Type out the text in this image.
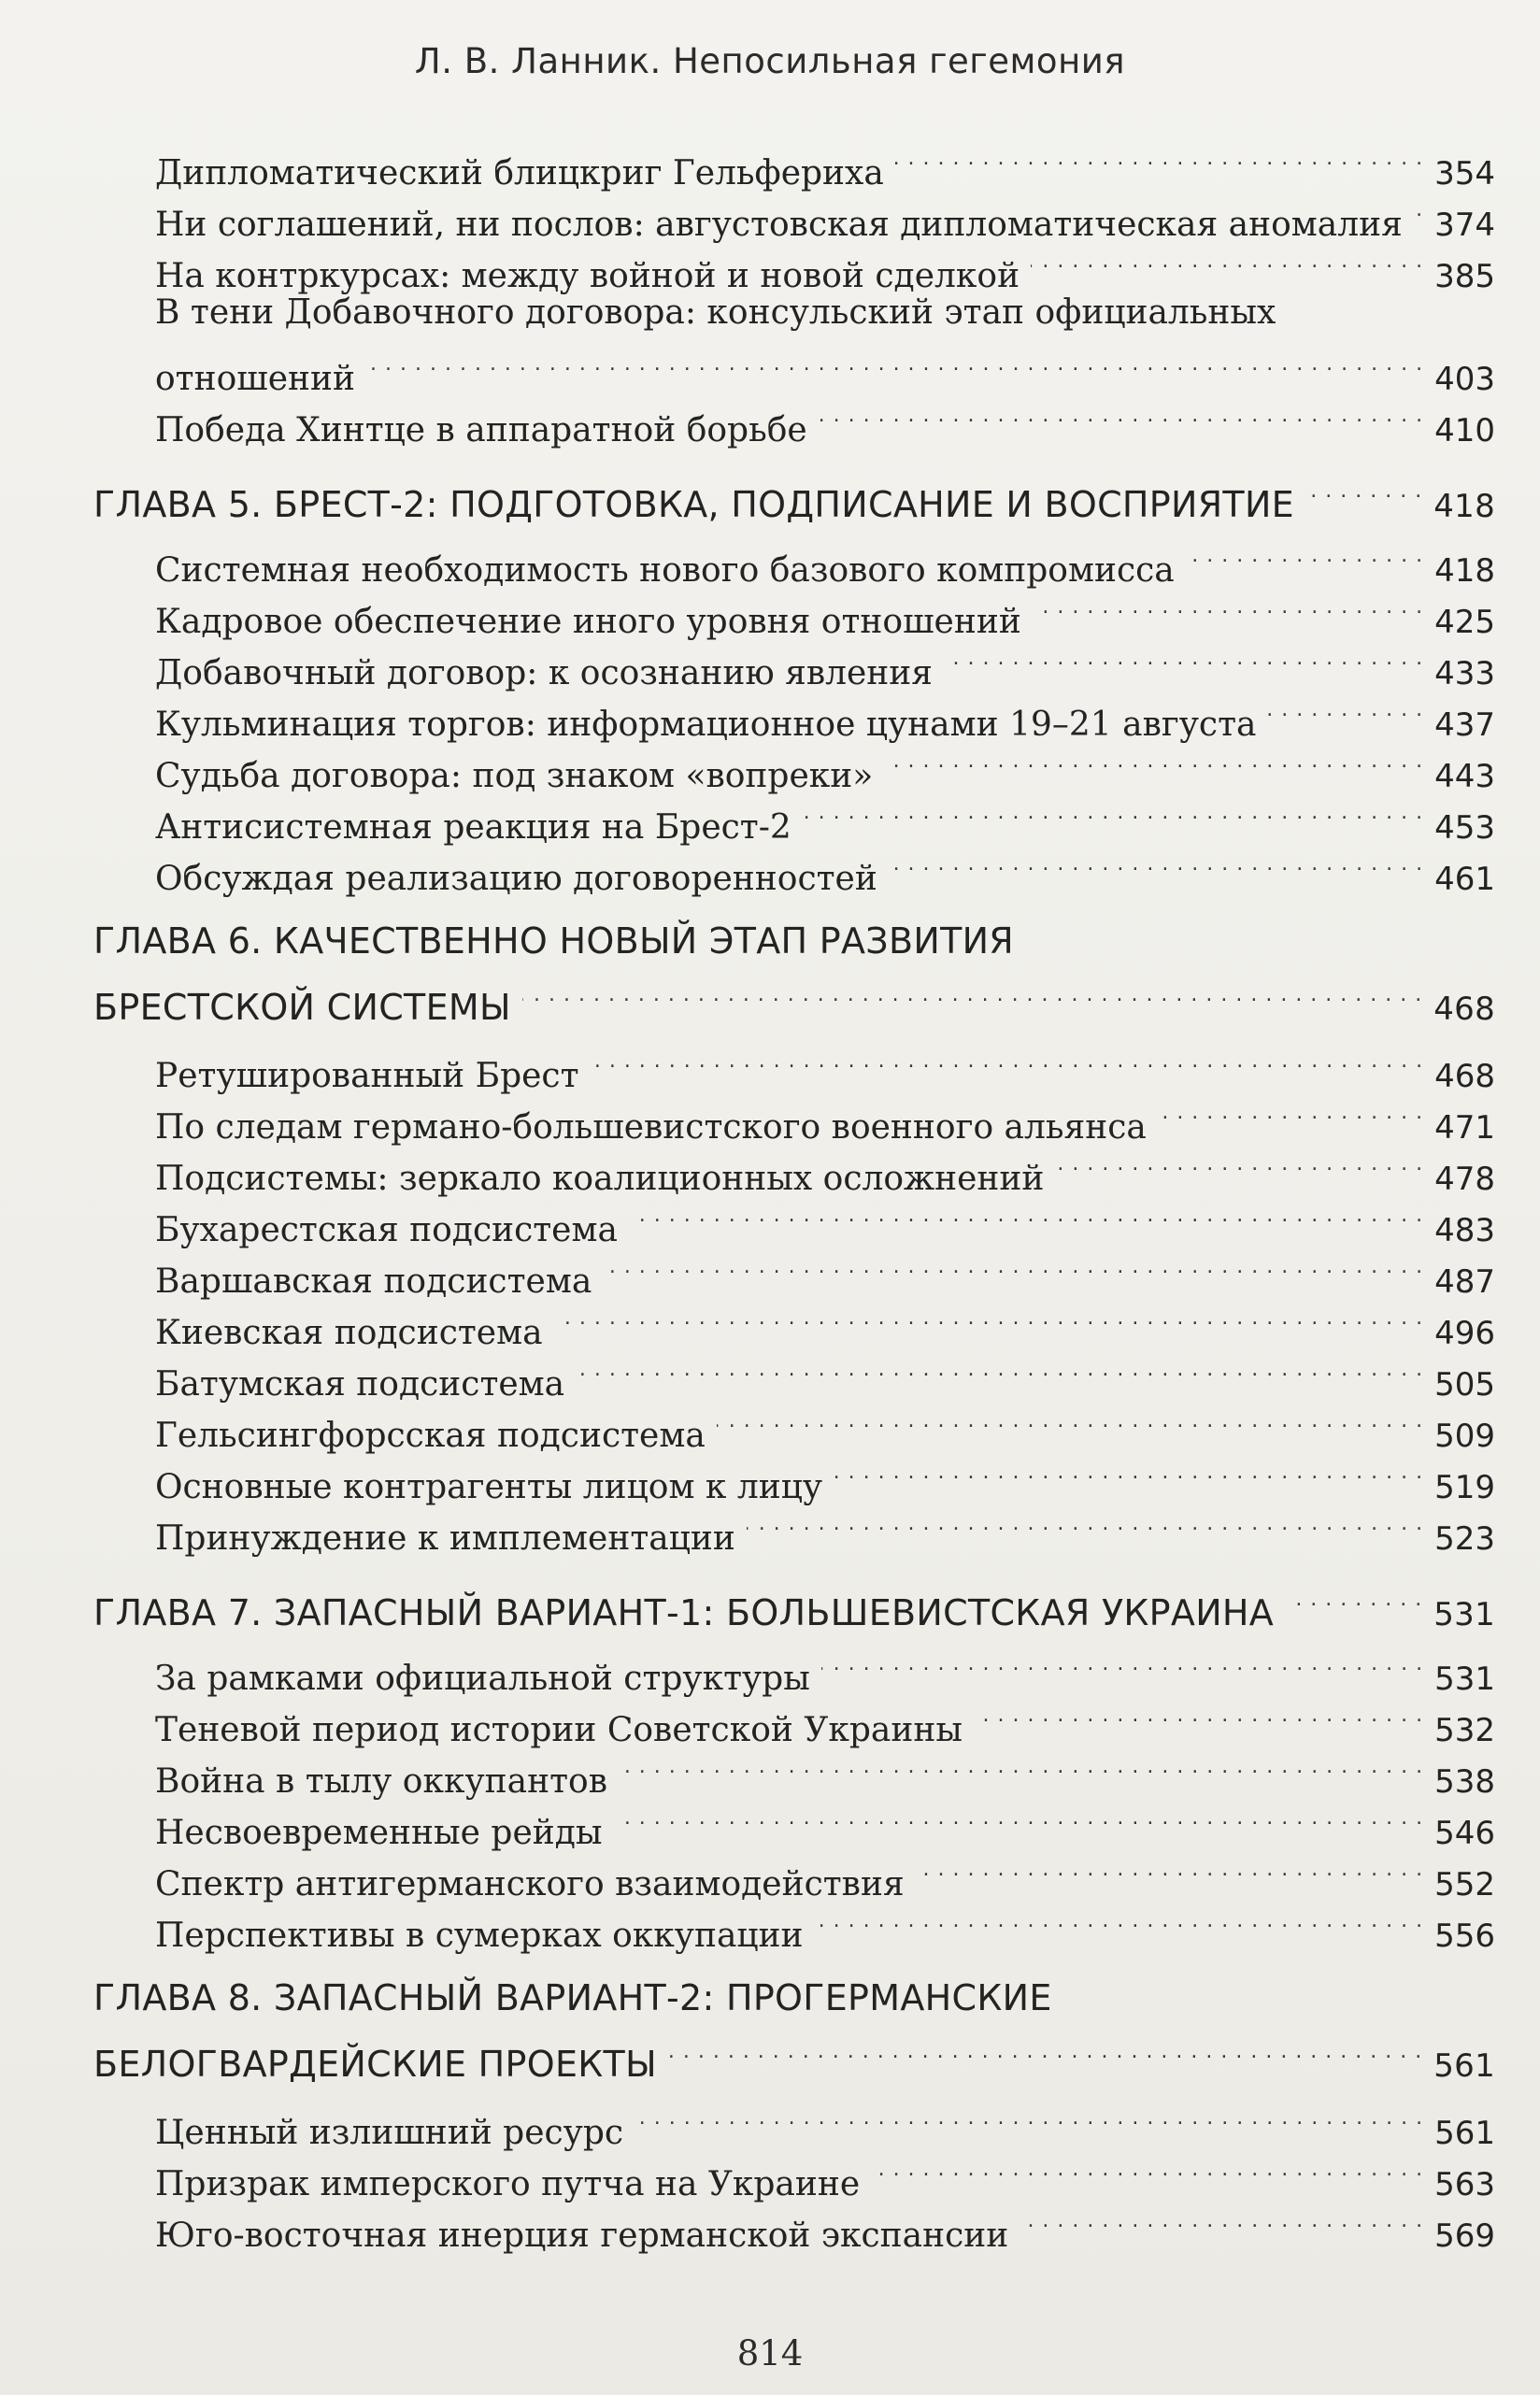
Л. В. Ланник. Непосильная гегемония
Дипломатический блицкриг Гельфериха . . .	354
Ни соглашений, ни послов: августовская дипломатическая аномалия . . . 374
На контркурсах: между войной и новой сделкой . . .	385
В тени Добавочного договора: консульский этап официальных
отношений . . .	403
Победа Хинтце в аппаратной борьбе . . .	410
ГЛАВА 5. БРЕСТ-2: ПОДГОТОВКА, ПОДПИСАНИЕ И ВОСПРИЯТИЕ . . .	418
Системная необходимость нового базового компромисса . . .	418
Кадровое обеспечение иного уровня отношений . . .	425
Добавочный договор: к осознанию явления . . .	433
Кульминация торгов: информационное цунами 19–21 августа . . .	437
Судьба договора: под знаком «вопреки» . . .	443
Антисистемная реакция на Брест-2 . . .	453
Обсуждая реализацию договоренностей . . .	461
ГЛАВА 6. КАЧЕСТВЕННО НОВЫЙ ЭТАП РАЗВИТИЯ
БРЕСТСКОЙ СИСТЕМЫ . . .	468
Ретушированный Брест . . .	468
По следам германо-большевистского военного альянса . . .	471
Подсистемы: зеркало коалиционных осложнений . . .	478
Бухарестская подсистема . . .	483
Варшавская подсистема . . .	487
Киевская подсистема . . .	496
Батумская подсистема . . .	505
Гельсингфорсская подсистема . . .	509
Основные контрагенты лицом к лицу . . .	519
Принуждение к имплементации . . .	523
ГЛАВА 7. ЗАПАСНЫЙ ВАРИАНТ-1: БОЛЬШЕВИСТСКАЯ УКРАИНА . . .	531
За рамками официальной структуры . . .	531
Теневой период истории Советской Украины . . .	532
Война в тылу оккупантов . . .	538
Несвоевременные рейды . . .	546
Спектр антигерманского взаимодействия . . .	552
Перспективы в сумерках оккупации . . .	556
ГЛАВА 8. ЗАПАСНЫЙ ВАРИАНТ-2: ПРОГЕРМАНСКИЕ
БЕЛОГВАРДЕЙСКИЕ ПРОЕКТЫ . . .	561
Ценный излишний ресурс . . .	561
Призрак имперского путча на Украине . . .	563
Юго-восточная инерция германской экспансии . . .	569
814
